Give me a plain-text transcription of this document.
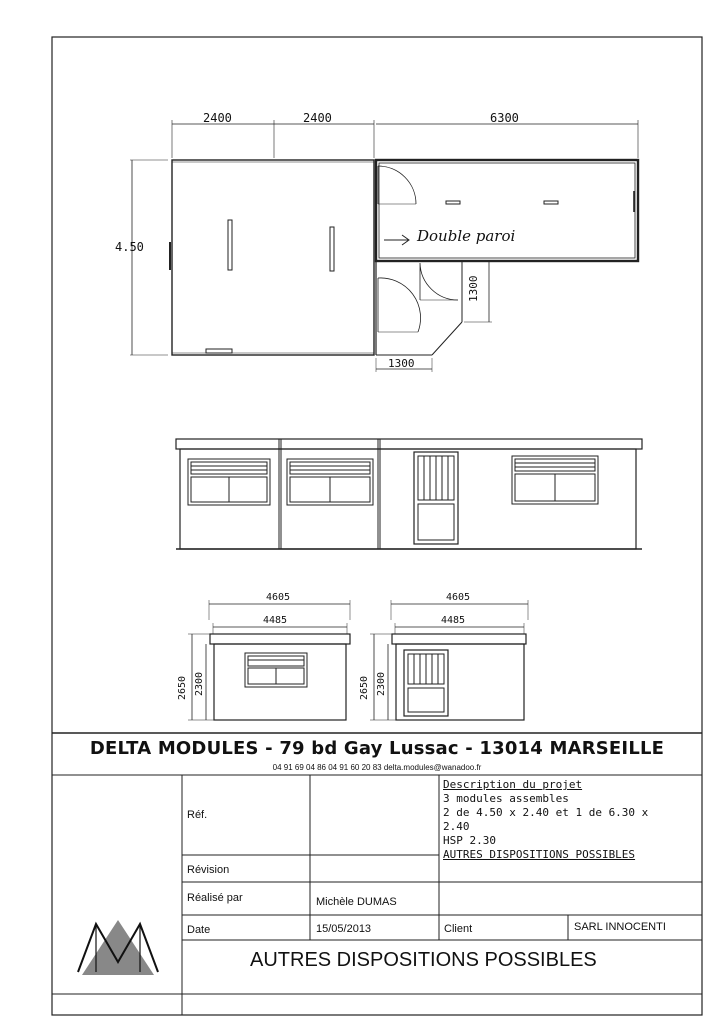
2400	2400	6300
4.50
1300
1300
Double paroi
4605
4485
2650 2300
4605
4485
2650 2300
DELTA MODULES - 79 bd Gay Lussac - 13014 MARSEILLE
04 91 69 04 86 04 91 60 20 83 delta.modules@wanadoo.fr
Réf.
Révision
Réalisé par	Michèle DUMAS
Date	15/05/2013	Client	SARL INNOCENTI
Description du projet
3 modules assembles
2 de 4.50 x 2.40 et 1 de 6.30 x
2.40
HSP 2.30
AUTRES DISPOSITIONS POSSIBLES
AUTRES DISPOSITIONS POSSIBLES
